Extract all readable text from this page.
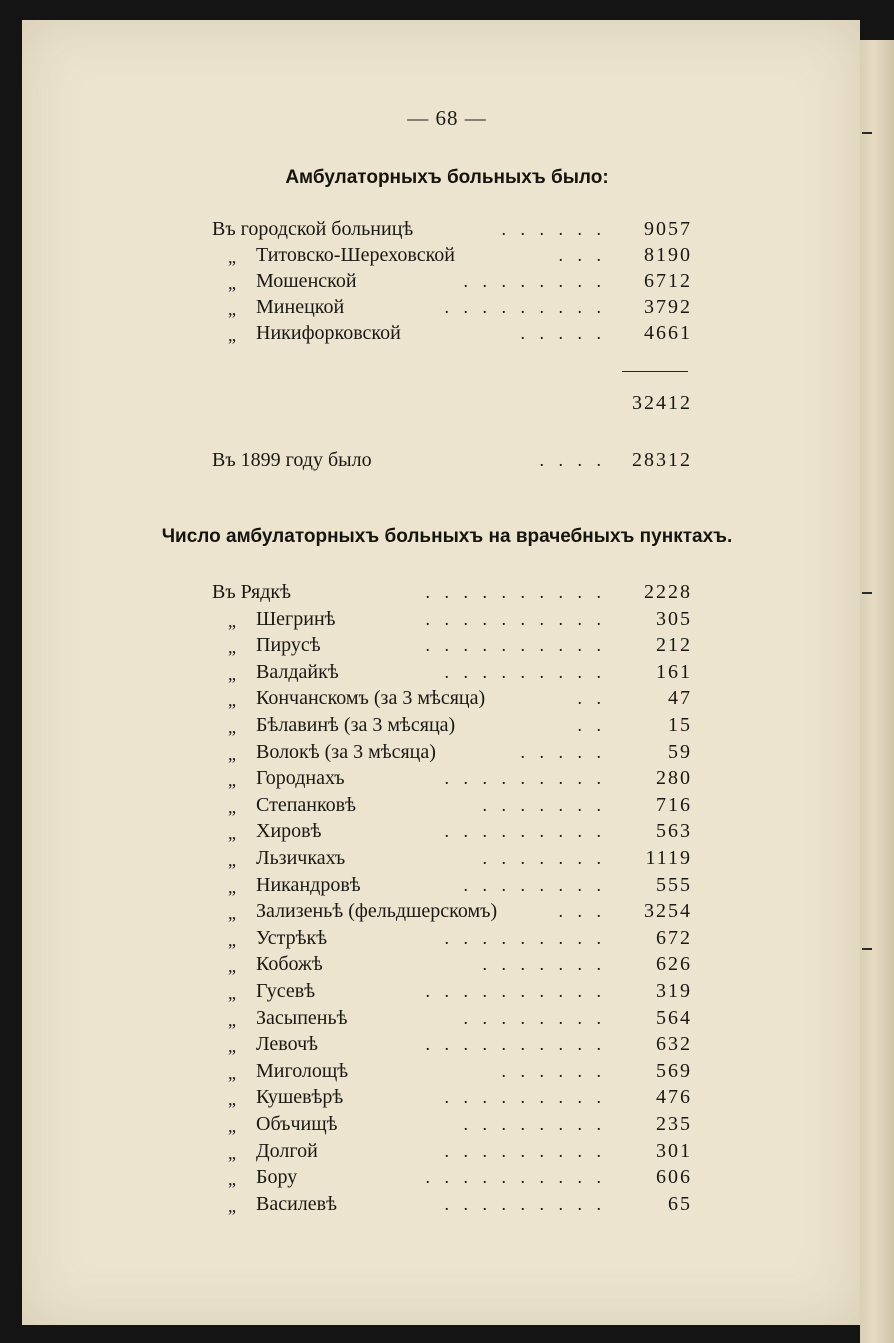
— 68 —
Амбулаторныхъ больныхъ было:
Въ городской больницѣ	. . . . . . 9057
„ Титовско-Шереховской	. . . 8190
„ Мошенской	. . . . . . . . 6712
„ Минецкой	. . . . . . . . . 3792
„ Никифорковской	. . . . . 4661
32412
Въ 1899 году было	. . . . 28312
Число амбулаторныхъ больныхъ на врачебныхъ пунктахъ.
Въ Рядкѣ	. . . . . . . . . . 2228
„ Шегринѣ	. . . . . . . . . .	305
„ Пирусѣ	. . . . . . . . . .	212
„ Валдайкѣ	. . . . . . . . .	161
„ Кончанскомъ (за 3 мѣсяца)	. .	47
„ Бѣлавинѣ (за 3 мѣсяца)	. .	15
„ Волокѣ (за 3 мѣсяца)	. . . . .	59
„ Городнахъ	. . . . . . . . .	280
„ Степанковѣ	. . . . . . .	716
„ Хировѣ	. . . . . . . . .	563
„ Льзичкахъ	. . . . . . . 1119
„ Никандровѣ	. . . . . . . .	555
„ Зализеньѣ (фельдшерскомъ)	. . . 3254
„ Устрѣкѣ	. . . . . . . . .	672
„ Кобожѣ	. . . . . . .	626
„ Гусевѣ	. . . . . . . . . .	319
„ Засыпеньѣ	. . . . . . . .	564
„ Левочѣ	. . . . . . . . . .	632
„ Миголощѣ	. . . . . .	569
„ Кушевѣрѣ	. . . . . . . . .	476
„ Объчищѣ	. . . . . . . .	235
„ Долгой	. . . . . . . . .	301
„ Бору	. . . . . . . . . .	606
„ Василевѣ	. . . . . . . . .	65
